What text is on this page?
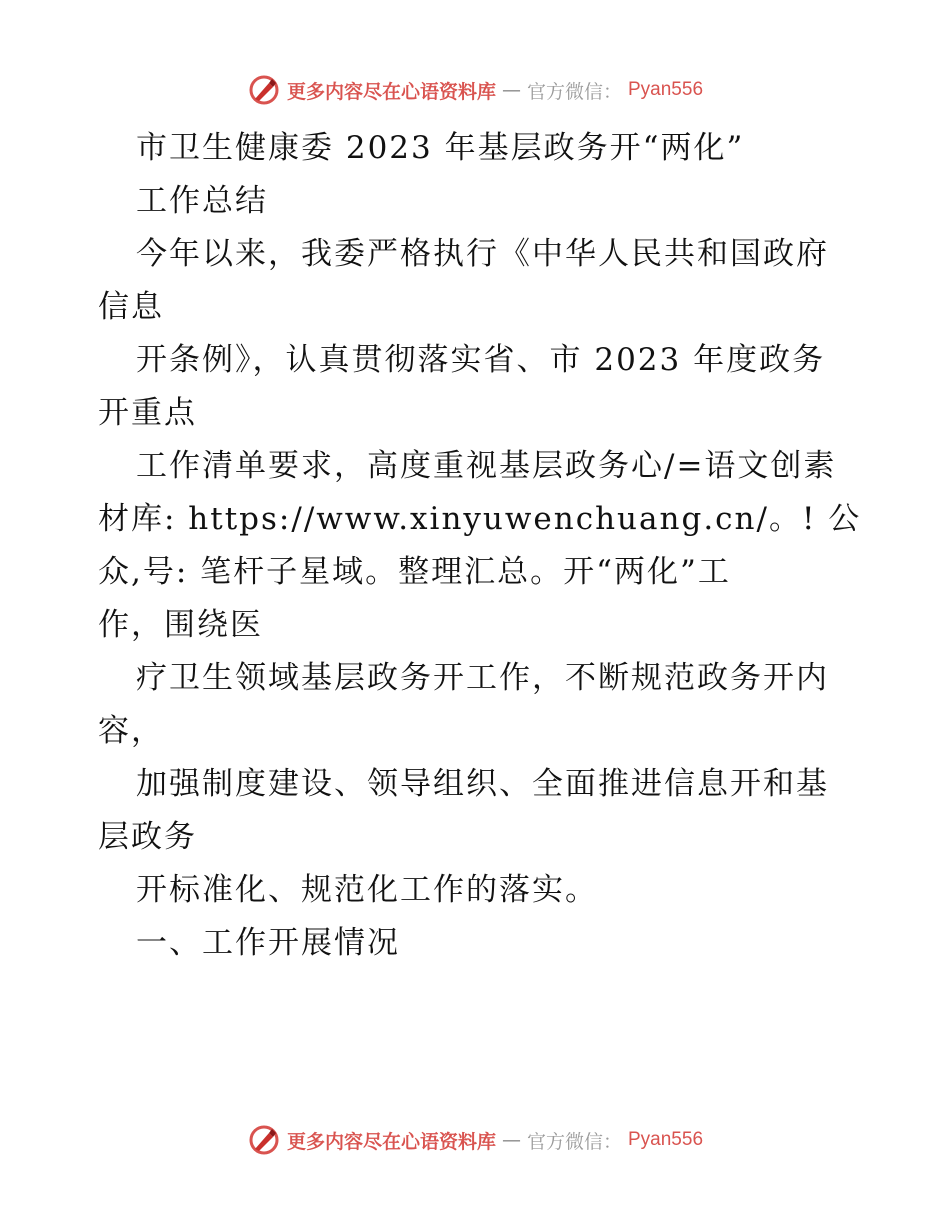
更多内容尽在心语资料库 — 官方微信： Pyan556
市卫生健康委 2023 年基层政务开“两化”
工作总结
今年以来，我委严格执行《中华人民共和国政府
信息
开条例》，认真贯彻落实省、市 2023 年度政务
开重点
工作清单要求，高度重视基层政务心/=语文创素
材库: https://www.xinyuwenchuang.cn/。! 公
众,号: 笔杆子星域。整理汇总。开“两化”工
作，围绕医
疗卫生领域基层政务开工作，不断规范政务开内
容，
加强制度建设、领导组织、全面推进信息开和基
层政务
开标准化、规范化工作的落实。
一、工作开展情况
更多内容尽在心语资料库 — 官方微信： Pyan556
